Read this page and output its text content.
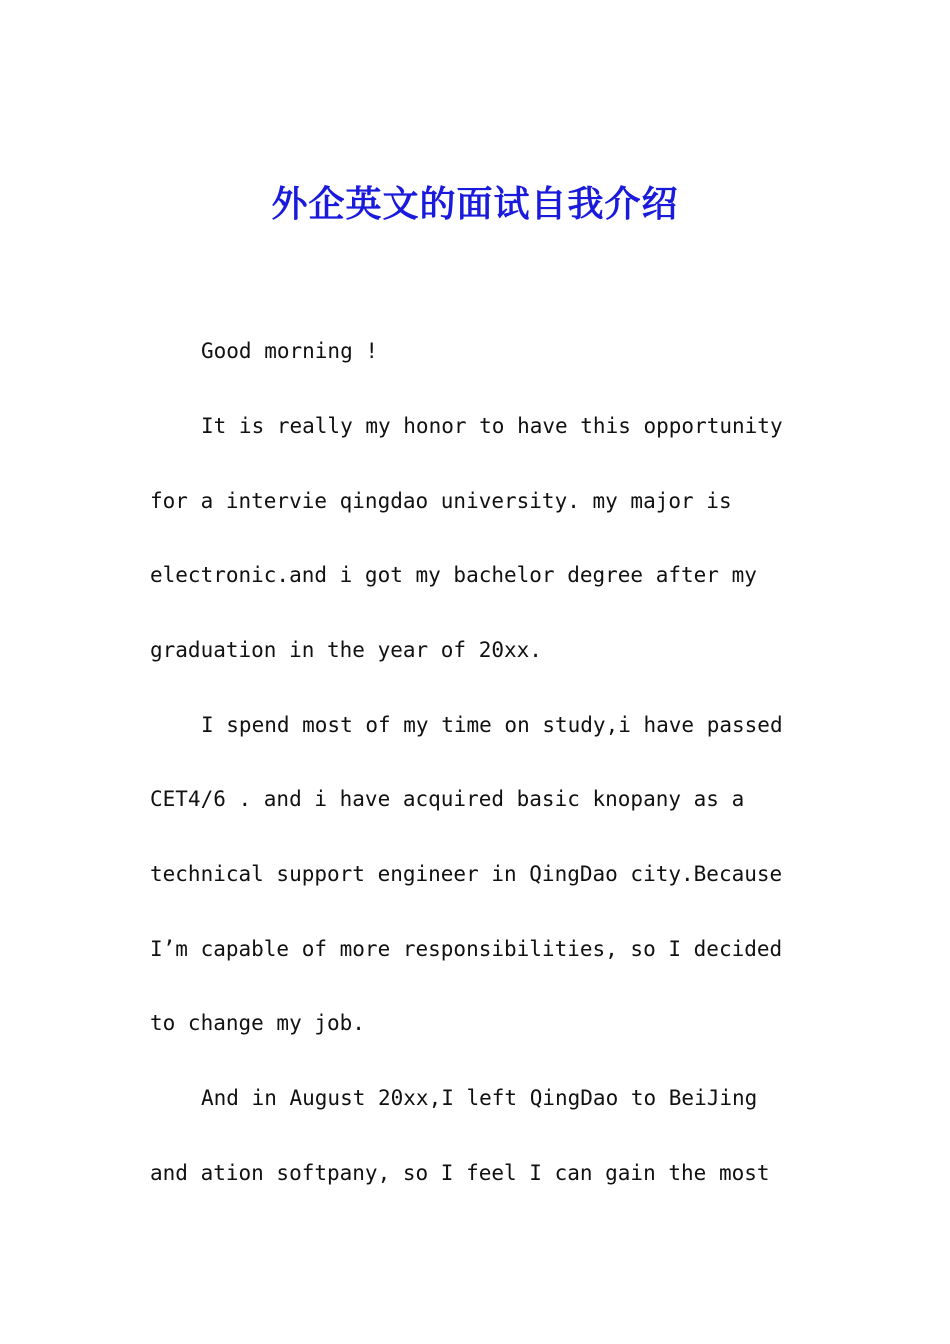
外企英文的面试自我介绍

Good morning !

It is really my honor to have this opportunity

for a intervie qingdao university. my major is

electronic.and i got my bachelor degree after my

graduation in the year of 20xx.

I spend most of my time on study,i have passed

CET4/6 . and i have acquired basic knopany as a

technical support engineer in QingDao city.Because

I’m capable of more responsibilities, so I decided

to change my job.

And in August 20xx,I left QingDao to BeiJing

and ation softpany, so I feel I can gain the most
